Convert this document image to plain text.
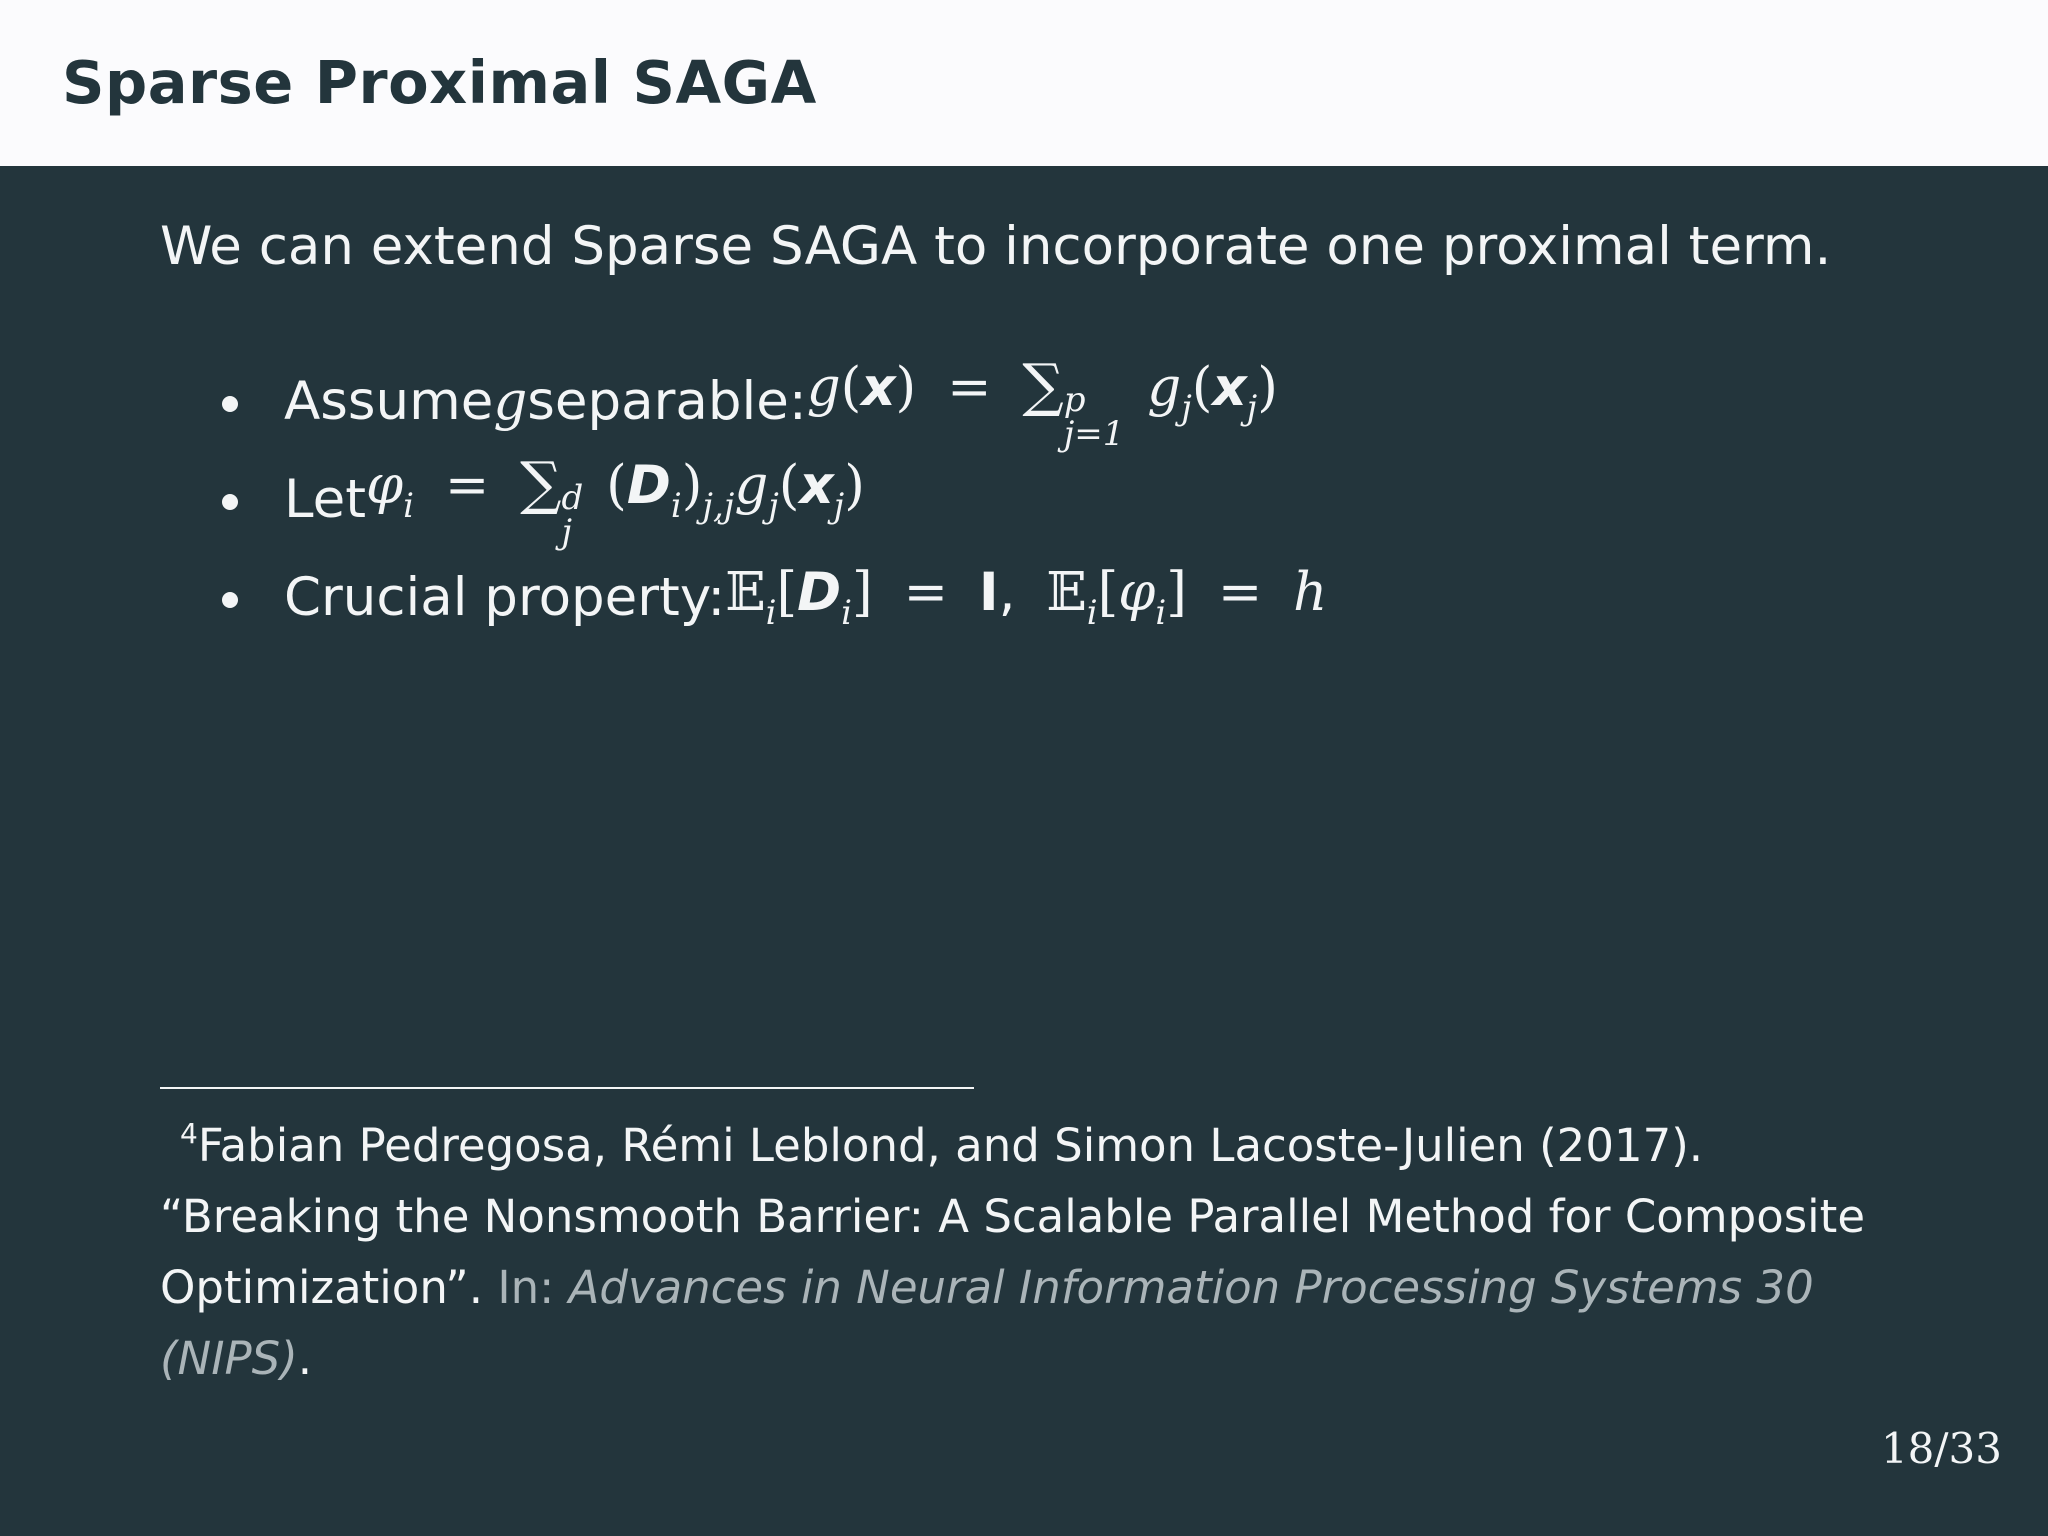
Sparse Proximal SAGA

We can extend Sparse SAGA to incorporate one proximal term.

Assume g separable: g(x) = ∑ p
j=1
$g_j(x_j)$
Let $\varphi_i$ = ∑ d
j
$(D_i)_{j,j}g_j(x_j)$
Crucial property: $𝔼_i[D_i] = I$, $𝔼_i[\varphi_i] = h$

$^4$Fabian Pedregosa, Rémi Leblond, and Simon Lacoste-Julien (2017).
“Breaking the Nonsmooth Barrier: A Scalable Parallel Method for Composite
Optimization”. In: Advances in Neural Information Processing Systems 30
(NIPS).

18/33
